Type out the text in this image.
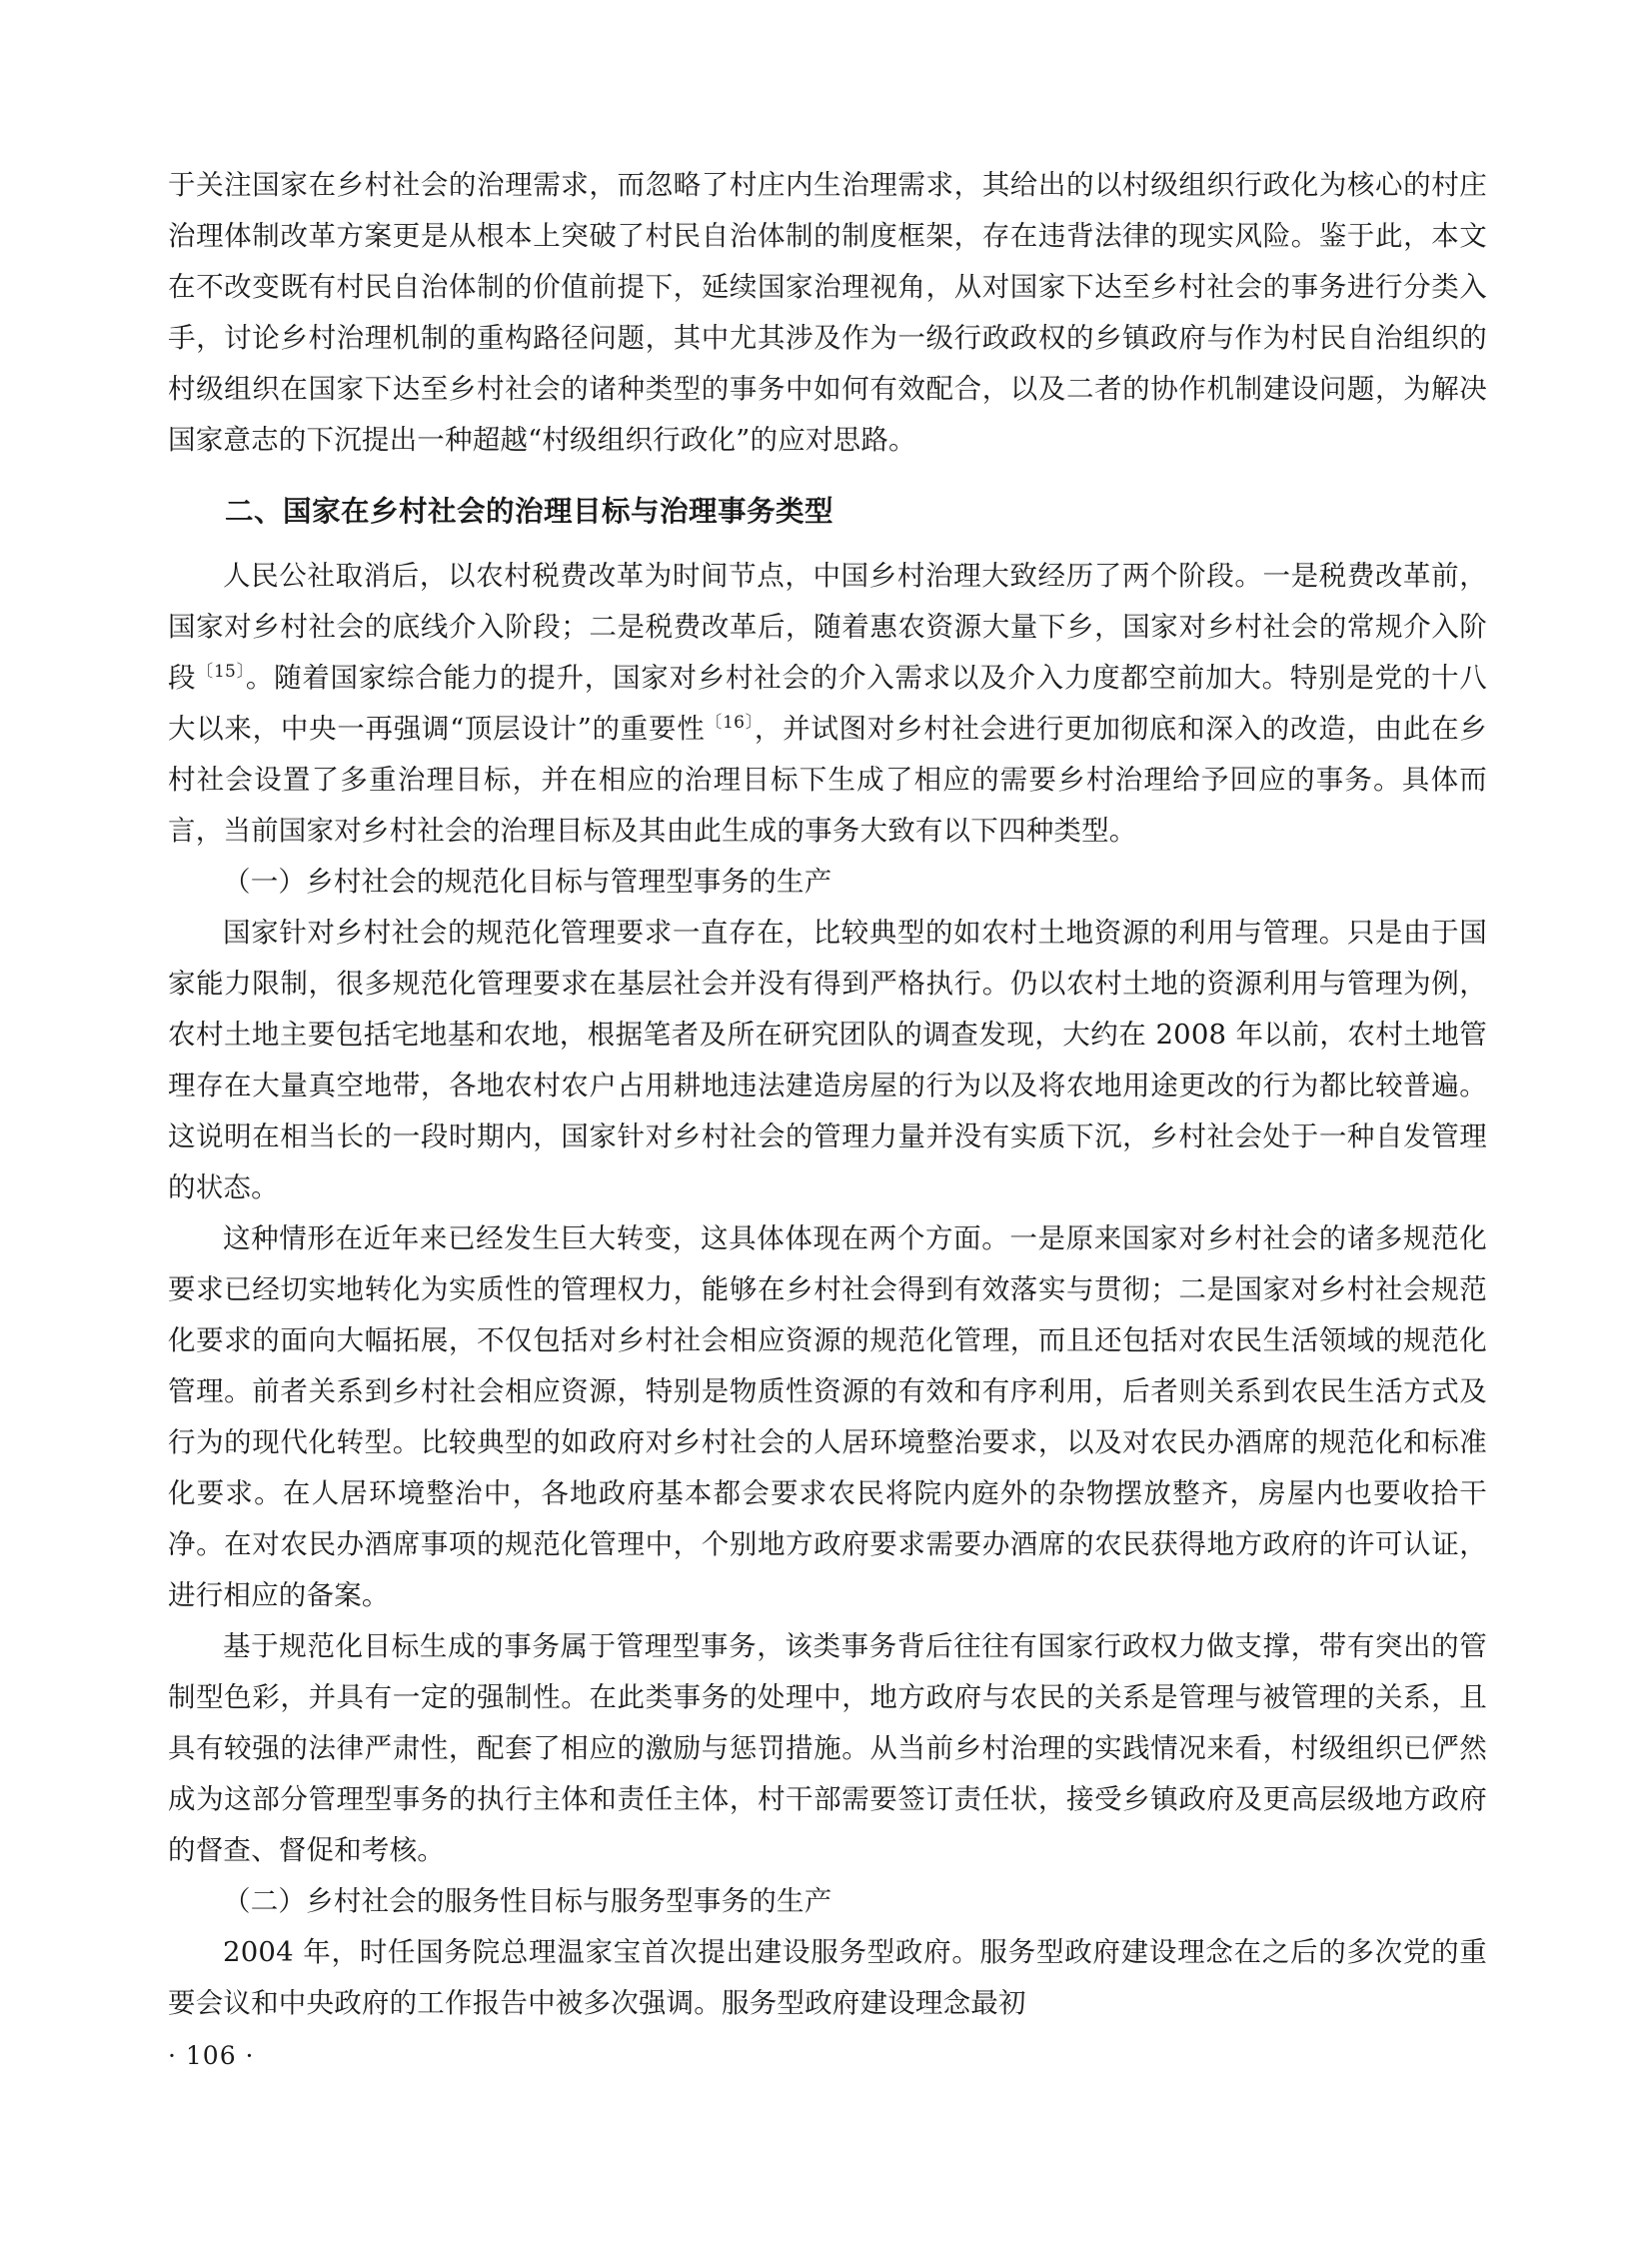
于关注国家在乡村社会的治理需求，而忽略了村庄内生治理需求，其给出的以村级组织行政化为核心的村庄治理体制改革方案更是从根本上突破了村民自治体制的制度框架，存在违背法律的现实风险。鉴于此，本文在不改变既有村民自治体制的价值前提下，延续国家治理视角，从对国家下达至乡村社会的事务进行分类入手，讨论乡村治理机制的重构路径问题，其中尤其涉及作为一级行政政权的乡镇政府与作为村民自治组织的村级组织在国家下达至乡村社会的诸种类型的事务中如何有效配合，以及二者的协作机制建设问题，为解决国家意志的下沉提出一种超越“村级组织行政化”的应对思路。

二、国家在乡村社会的治理目标与治理事务类型

人民公社取消后，以农村税费改革为时间节点，中国乡村治理大致经历了两个阶段。一是税费改革前，国家对乡村社会的底线介入阶段；二是税费改革后，随着惠农资源大量下乡，国家对乡村社会的常规介入阶段$^{〔15〕}$。随着国家综合能力的提升，国家对乡村社会的介入需求以及介入力度都空前加大。特别是党的十八大以来，中央一再强调“顶层设计”的重要性$^{〔16〕}$，并试图对乡村社会进行更加彻底和深入的改造，由此在乡村社会设置了多重治理目标，并在相应的治理目标下生成了相应的需要乡村治理给予回应的事务。具体而言，当前国家对乡村社会的治理目标及其由此生成的事务大致有以下四种类型。

（一）乡村社会的规范化目标与管理型事务的生产

国家针对乡村社会的规范化管理要求一直存在，比较典型的如农村土地资源的利用与管理。只是由于国家能力限制，很多规范化管理要求在基层社会并没有得到严格执行。仍以农村土地的资源利用与管理为例，农村土地主要包括宅地基和农地，根据笔者及所在研究团队的调查发现，大约在 2008 年以前，农村土地管理存在大量真空地带，各地农村农户占用耕地违法建造房屋的行为以及将农地用途更改的行为都比较普遍。这说明在相当长的一段时期内，国家针对乡村社会的管理力量并没有实质下沉，乡村社会处于一种自发管理的状态。

这种情形在近年来已经发生巨大转变，这具体体现在两个方面。一是原来国家对乡村社会的诸多规范化要求已经切实地转化为实质性的管理权力，能够在乡村社会得到有效落实与贯彻；二是国家对乡村社会规范化要求的面向大幅拓展，不仅包括对乡村社会相应资源的规范化管理，而且还包括对农民生活领域的规范化管理。前者关系到乡村社会相应资源，特别是物质性资源的有效和有序利用，后者则关系到农民生活方式及行为的现代化转型。比较典型的如政府对乡村社会的人居环境整治要求，以及对农民办酒席的规范化和标准化要求。在人居环境整治中，各地政府基本都会要求农民将院内庭外的杂物摆放整齐，房屋内也要收拾干净。在对农民办酒席事项的规范化管理中，个别地方政府要求需要办酒席的农民获得地方政府的许可认证，进行相应的备案。

基于规范化目标生成的事务属于管理型事务，该类事务背后往往有国家行政权力做支撑，带有突出的管制型色彩，并具有一定的强制性。在此类事务的处理中，地方政府与农民的关系是管理与被管理的关系，且具有较强的法律严肃性，配套了相应的激励与惩罚措施。从当前乡村治理的实践情况来看，村级组织已俨然成为这部分管理型事务的执行主体和责任主体，村干部需要签订责任状，接受乡镇政府及更高层级地方政府的督查、督促和考核。

（二）乡村社会的服务性目标与服务型事务的生产

2004 年，时任国务院总理温家宝首次提出建设服务型政府。服务型政府建设理念在之后的多次党的重要会议和中央政府的工作报告中被多次强调。服务型政府建设理念最初

· 106 ·
